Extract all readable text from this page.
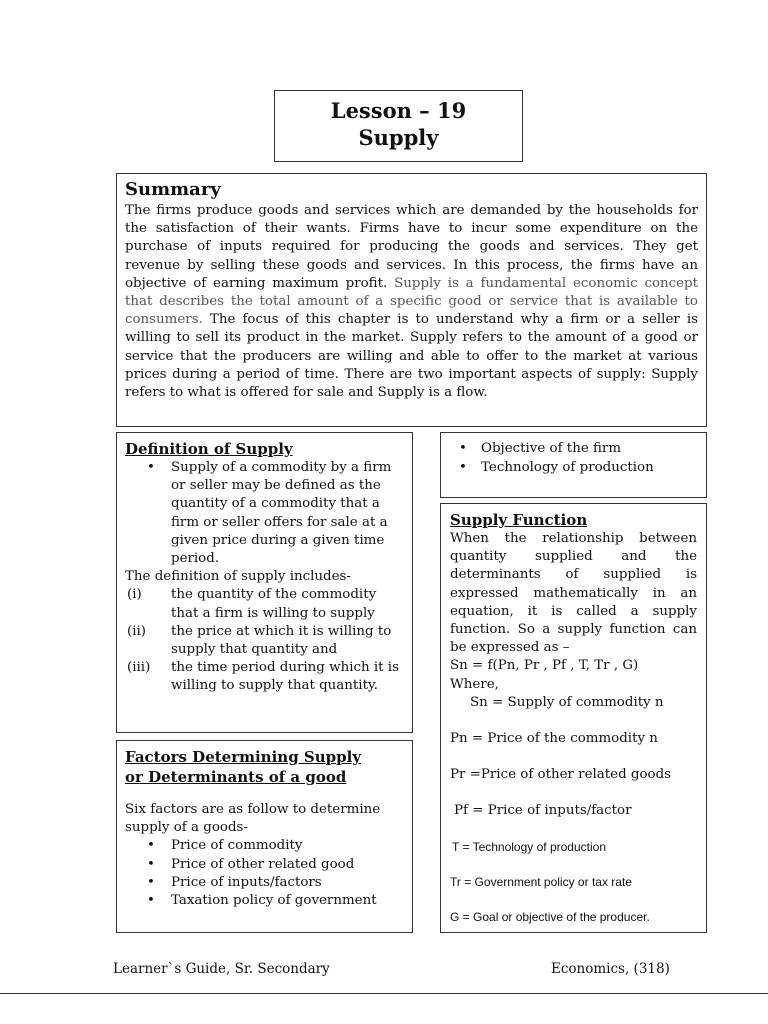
Lesson – 19
Supply
Summary

The firms produce goods and services which are demanded by the households for the satisfaction of their wants. Firms have to incur some expenditure on the purchase of inputs required for producing the goods and services. They get revenue by selling these goods and services. In this process, the firms have an objective of earning maximum profit. Supply is a fundamental economic concept that describes the total amount of a specific good or service that is available to consumers. The focus of this chapter is to understand why a firm or a seller is willing to sell its product in the market. Supply refers to the amount of a good or service that the producers are willing and able to offer to the market at various prices during a period of time. There are two important aspects of supply: Supply refers to what is offered for sale and Supply is a flow.

Definition of Supply
• Supply of a commodity by a firm or seller may be defined as the quantity of a commodity that a firm or seller offers for sale at a given price during a given time period.
The definition of supply includes-
(i) the quantity of the commodity that a firm is willing to supply
(ii) the price at which it is willing to supply that quantity and
(iii) the time period during which it is willing to supply that quantity.
• Objective of the firm
• Technology of production
Supply Function
When the relationship between quantity supplied and the determinants of supplied is expressed mathematically in an equation, it is called a supply function. So a supply function can be expressed as –
Sn = f(Pn, Pr , Pf , T, Tr , G)
Where,
Sn = Supply of commodity n
Pn = Price of the commodity n
Pr =Price of other related goods
Pf = Price of inputs/factor
T = Technology of production
Tr = Government policy or tax rate
G = Goal or objective of the producer.
Factors Determining Supply
or Determinants of a good
Six factors are as follow to determine supply of a goods-
• Price of commodity
• Price of other related good
• Price of inputs/factors
• Taxation policy of government
Learner`s Guide, Sr. Secondary	Economics, (318)
